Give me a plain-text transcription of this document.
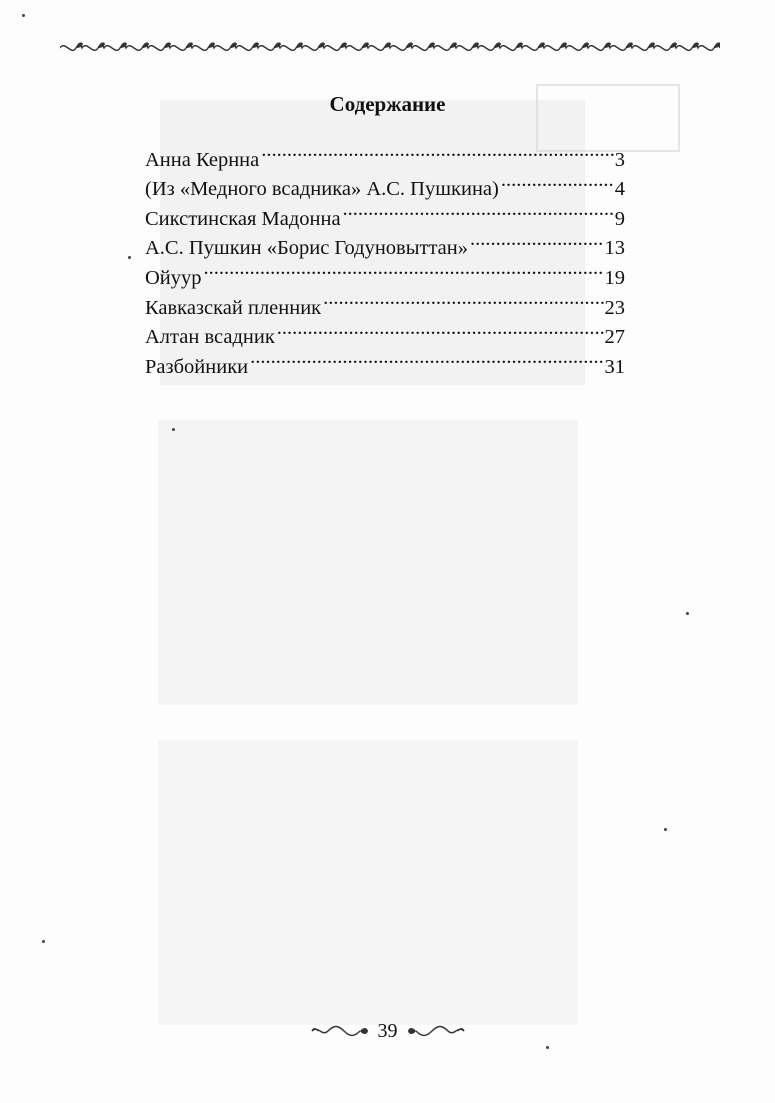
Содержание
Анна Кернна .....	3
(Из «Медного всадника» А.С. Пушкина) .....	4
Сикстинская Мадонна .....	9
А.С. Пушкин «Борис Годуновыттан» .....	13
Ойуур .....	19
Кавказскай пленник .....	23
Алтан всадник .....	27
Разбойники .....	31
39
